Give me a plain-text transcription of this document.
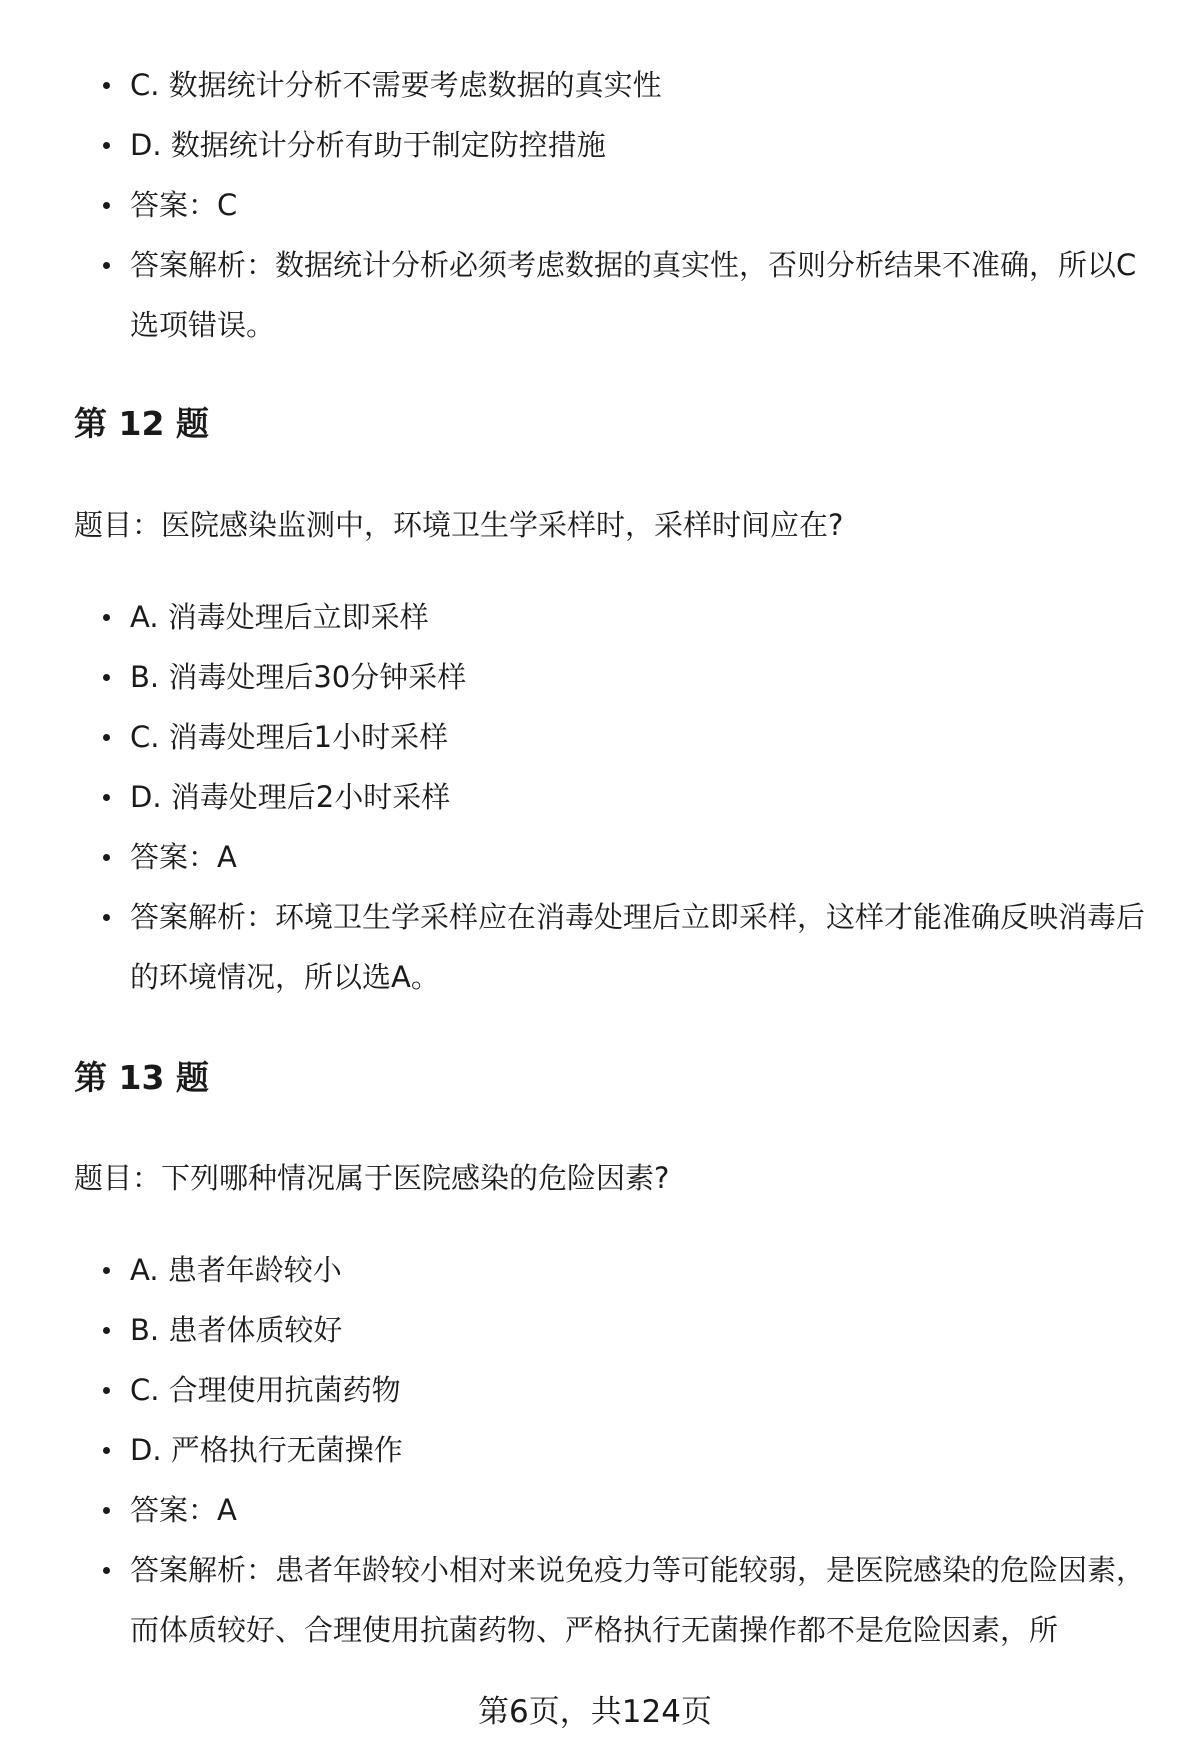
C. 数据统计分析不需要考虑数据的真实性
D. 数据统计分析有助于制定防控措施
答案：C
答案解析：数据统计分析必须考虑数据的真实性，否则分析结果不准确，所以C选项错误。
第 12 题
题目：医院感染监测中，环境卫生学采样时，采样时间应在?
A. 消毒处理后立即采样
B. 消毒处理后30分钟采样
C. 消毒处理后1小时采样
D. 消毒处理后2小时采样
答案：A
答案解析：环境卫生学采样应在消毒处理后立即采样，这样才能准确反映消毒后的环境情况，所以选A。
第 13 题
题目：下列哪种情况属于医院感染的危险因素?
A. 患者年龄较小
B. 患者体质较好
C. 合理使用抗菌药物
D. 严格执行无菌操作
答案：A
答案解析：患者年龄较小相对来说免疫力等可能较弱，是医院感染的危险因素，而体质较好、合理使用抗菌药物、严格执行无菌操作都不是危险因素，所
第6页，共124页
